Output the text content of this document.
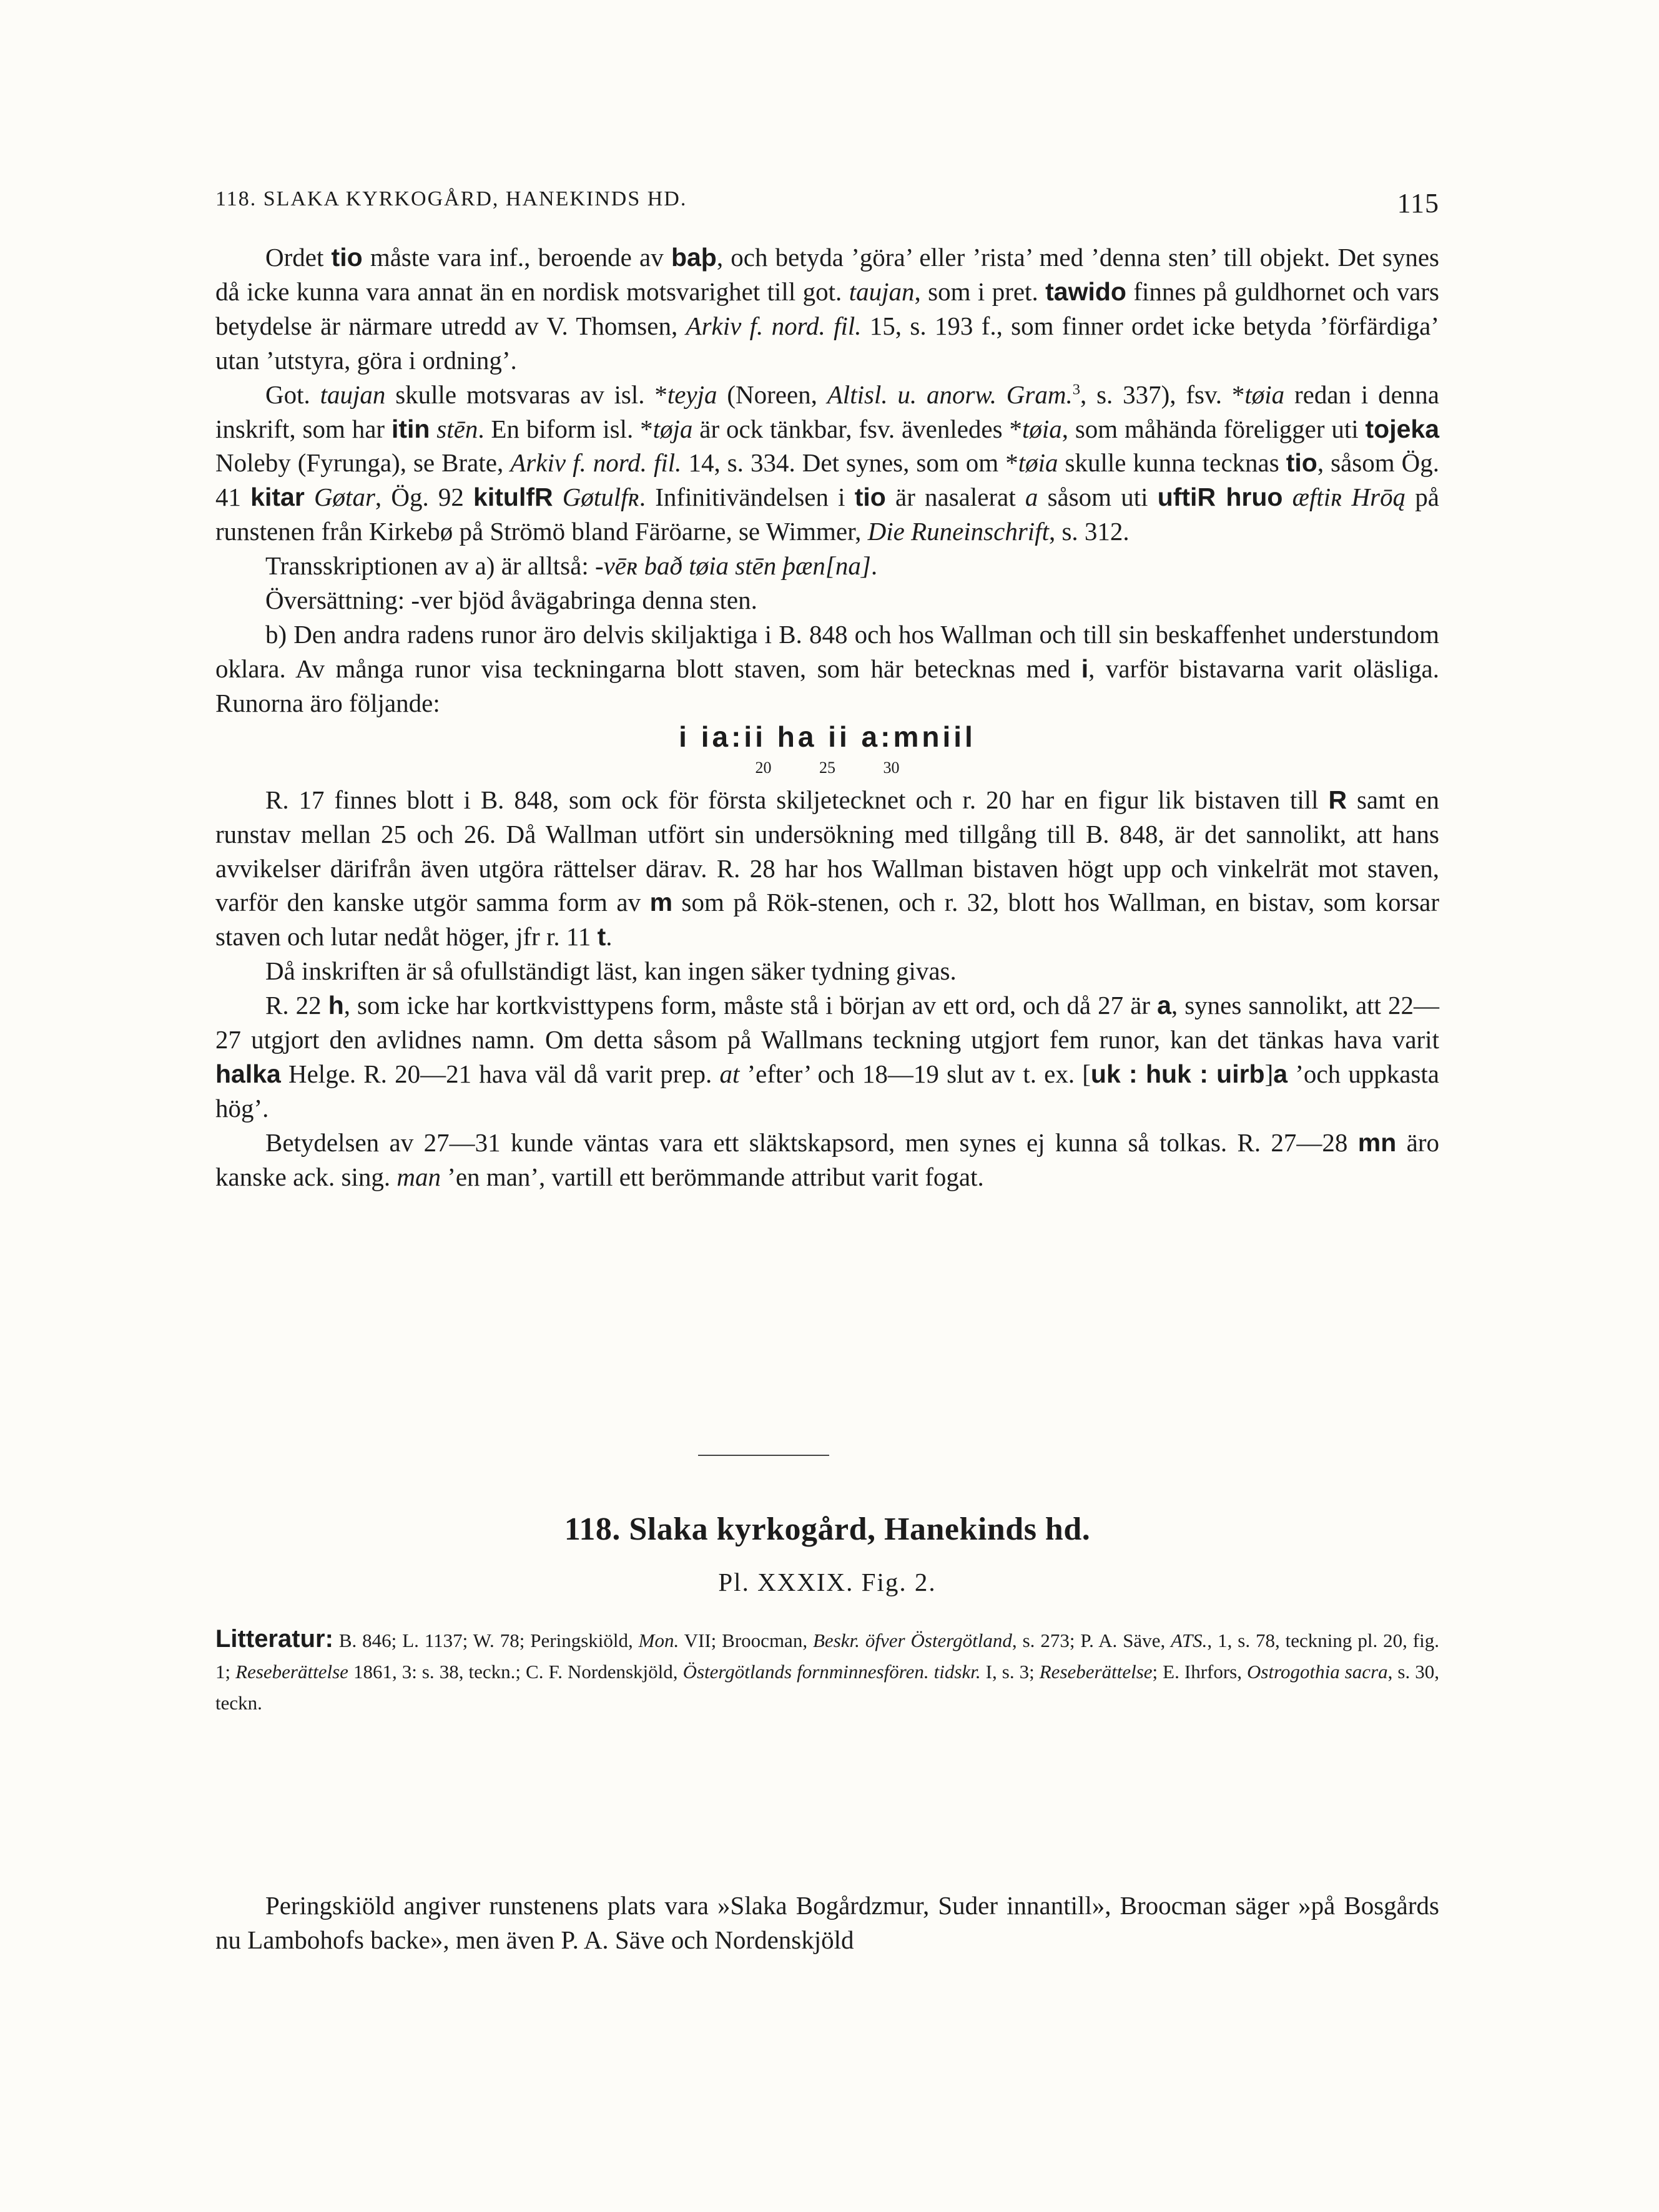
118. SLAKA KYRKOGÅRD, HANEKINDS HD.	115

Ordet tio måste vara inf., beroende av baþ, och betyda ’göra’ eller ’rista’ med ’denna sten’ till objekt. Det synes då icke kunna vara annat än en nordisk motsvarighet till got. taujan, som i pret. tawido finnes på guldhornet och vars betydelse är närmare utredd av V. Thomsen, Arkiv f. nord. fil. 15, s. 193 f., som finner ordet icke betyda ’förfärdiga’ utan ’utstyra, göra i ordning’.

Got. taujan skulle motsvaras av isl. *teyja (Noreen, Altisl. u. anorw. Gram.$^3$, s. 337), fsv. *tøia redan i denna inskrift, som har itin stēn. En biform isl. *tøja är ock tänkbar, fsv. ävenledes *tøia, som måhända föreligger uti tojeka Noleby (Fyrunga), se Brate, Arkiv f. nord. fil. 14, s. 334. Det synes, som om *tøia skulle kunna tecknas tio, såsom Ög. 41 kitar Gøtar, Ög. 92 kitulfR Gøtulfʀ. Infinitivändelsen i tio är nasalerat a såsom uti uftiR hruo æftiʀ Hrōą på runstenen från Kirkebø på Strömö bland Färöarne, se Wimmer, Die Runeinschrift, s. 312.

Transskriptionen av a) är alltså: -vēʀ bað tøia stēn þæn[na].

Översättning: -ver bjöd åvägabringa denna sten.

b) Den andra radens runor äro delvis skiljaktiga i B. 848 och hos Wallman och till sin beskaffenhet understundom oklara. Av många runor visa teckningarna blott staven, som här betecknas med i, varför bistavarna varit oläsliga. Runorna äro följande:

i ia:ii ha ii a:mniil
20	25	30

R. 17 finnes blott i B. 848, som ock för första skiljetecknet och r. 20 har en figur lik bistaven till R samt en runstav mellan 25 och 26. Då Wallman utfört sin undersökning med tillgång till B. 848, är det sannolikt, att hans avvikelser därifrån även utgöra rättelser därav. R. 28 har hos Wallman bistaven högt upp och vinkelrät mot staven, varför den kanske utgör samma form av m som på Rök-stenen, och r. 32, blott hos Wallman, en bistav, som korsar staven och lutar nedåt höger, jfr r. 11 t.

Då inskriften är så ofullständigt läst, kan ingen säker tydning givas.

R. 22 h, som icke har kortkvisttypens form, måste stå i början av ett ord, och då 27 är a, synes sannolikt, att 22—27 utgjort den avlidnes namn. Om detta såsom på Wallmans teckning utgjort fem runor, kan det tänkas hava varit halka Helge. R. 20—21 hava väl då varit prep. at ’efter’ och 18—19 slut av t. ex. [uk : huk : uirb]a ’och uppkasta hög’.

Betydelsen av 27—31 kunde väntas vara ett släktskapsord, men synes ej kunna så tolkas. R. 27—28 mn äro kanske ack. sing. man ’en man’, vartill ett berömmande attribut varit fogat.

118. Slaka kyrkogård, Hanekinds hd.
Pl. XXXIX. Fig. 2.
Litteratur: B. 846; L. 1137; W. 78; Peringskiöld, Mon. VII; Broocman, Beskr. öfver Östergötland, s. 273; P. A. Säve, ATS., 1, s. 78, teckning pl. 20, fig. 1; Reseberättelse 1861, 3: s. 38, teckn.; C. F. Nordenskjöld, Östergötlands fornminnesfören. tidskr. I, s. 3; Reseberättelse; E. Ihrfors, Ostrogothia sacra, s. 30, teckn.

Peringskiöld angiver runstenens plats vara »Slaka Bogårdzmur, Suder innantill», Broocman säger »på Bosgårds nu Lambohofs backe», men även P. A. Säve och Nordenskjöld
